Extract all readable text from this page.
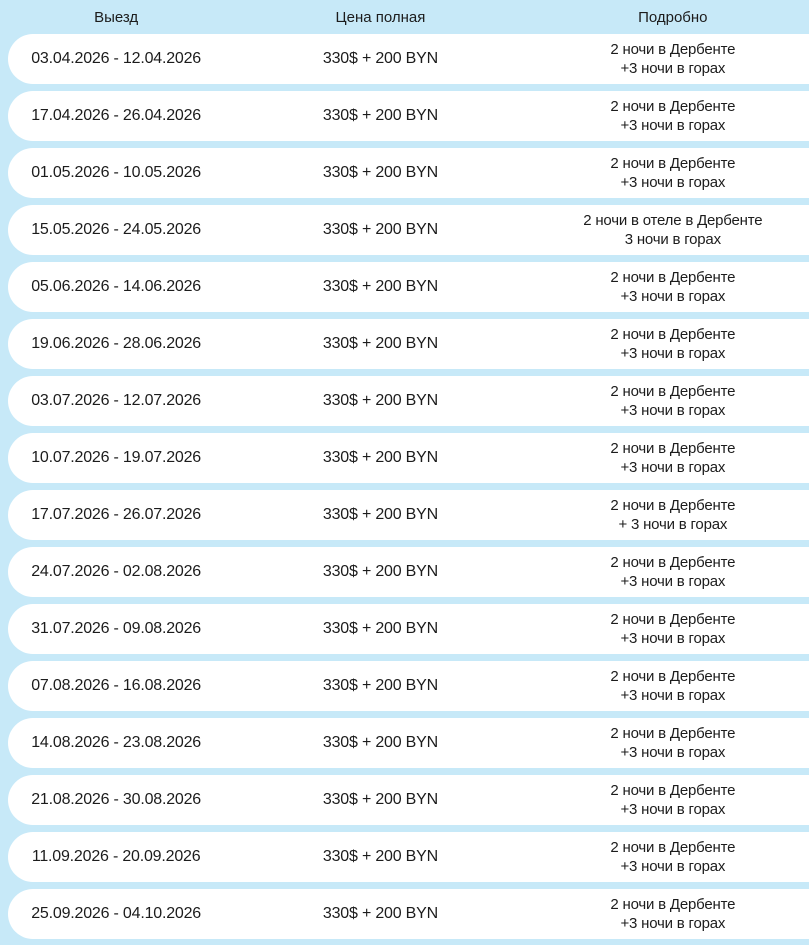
Выезд	Цена полная	Подробно
03.04.2026 - 12.04.2026	330$ + 200 BYN
2 ночи в Дербенте
+3 ночи в горах
17.04.2026 - 26.04.2026	330$ + 200 BYN
2 ночи в Дербенте
+3 ночи в горах
01.05.2026 - 10.05.2026	330$ + 200 BYN
2 ночи в Дербенте
+3 ночи в горах
15.05.2026 - 24.05.2026	330$ + 200 BYN
2 ночи в отеле в Дербенте
3 ночи в горах
05.06.2026 - 14.06.2026	330$ + 200 BYN
2 ночи в Дербенте
+3 ночи в горах
19.06.2026 - 28.06.2026	330$ + 200 BYN
2 ночи в Дербенте
+3 ночи в горах
03.07.2026 - 12.07.2026	330$ + 200 BYN
2 ночи в Дербенте
+3 ночи в горах
10.07.2026 - 19.07.2026	330$ + 200 BYN
2 ночи в Дербенте
+3 ночи в горах
17.07.2026 - 26.07.2026	330$ + 200 BYN
2 ночи в Дербенте
+ 3 ночи в горах
24.07.2026 - 02.08.2026	330$ + 200 BYN
2 ночи в Дербенте
+3 ночи в горах
31.07.2026 - 09.08.2026	330$ + 200 BYN
2 ночи в Дербенте
+3 ночи в горах
07.08.2026 - 16.08.2026	330$ + 200 BYN
2 ночи в Дербенте
+3 ночи в горах
14.08.2026 - 23.08.2026	330$ + 200 BYN
2 ночи в Дербенте
+3 ночи в горах
21.08.2026 - 30.08.2026	330$ + 200 BYN
2 ночи в Дербенте
+3 ночи в горах
11.09.2026 - 20.09.2026	330$ + 200 BYN
2 ночи в Дербенте
+3 ночи в горах
25.09.2026 - 04.10.2026	330$ + 200 BYN
2 ночи в Дербенте
+3 ночи в горах
